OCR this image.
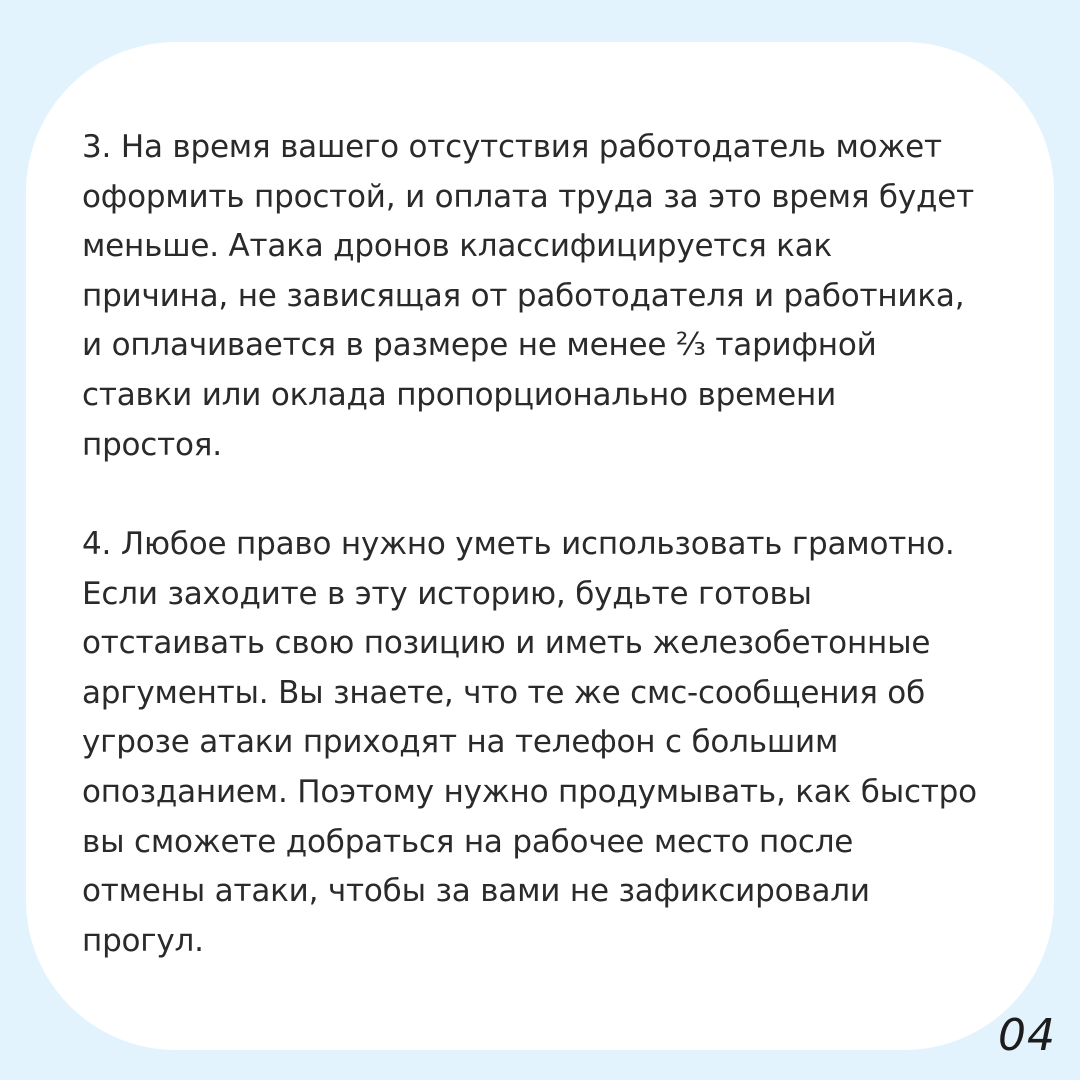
3. На время вашего отсутствия работодатель может
оформить простой, и оплата труда за это время будет
меньше. Атака дронов классифицируется как
причина, не зависящая от работодателя и работника,
и оплачивается в размере не менее ⅔ тарифной
ставки или оклада пропорционально времени
простоя.
4. Любое право нужно уметь использовать грамотно.
Если заходите в эту историю, будьте готовы
отстаивать свою позицию и иметь железобетонные
аргументы. Вы знаете, что те же смс-сообщения об
угрозе атаки приходят на телефон с большим
опозданием. Поэтому нужно продумывать, как быстро
вы сможете добраться на рабочее место после
отмены атаки, чтобы за вами не зафиксировали
прогул.
04
